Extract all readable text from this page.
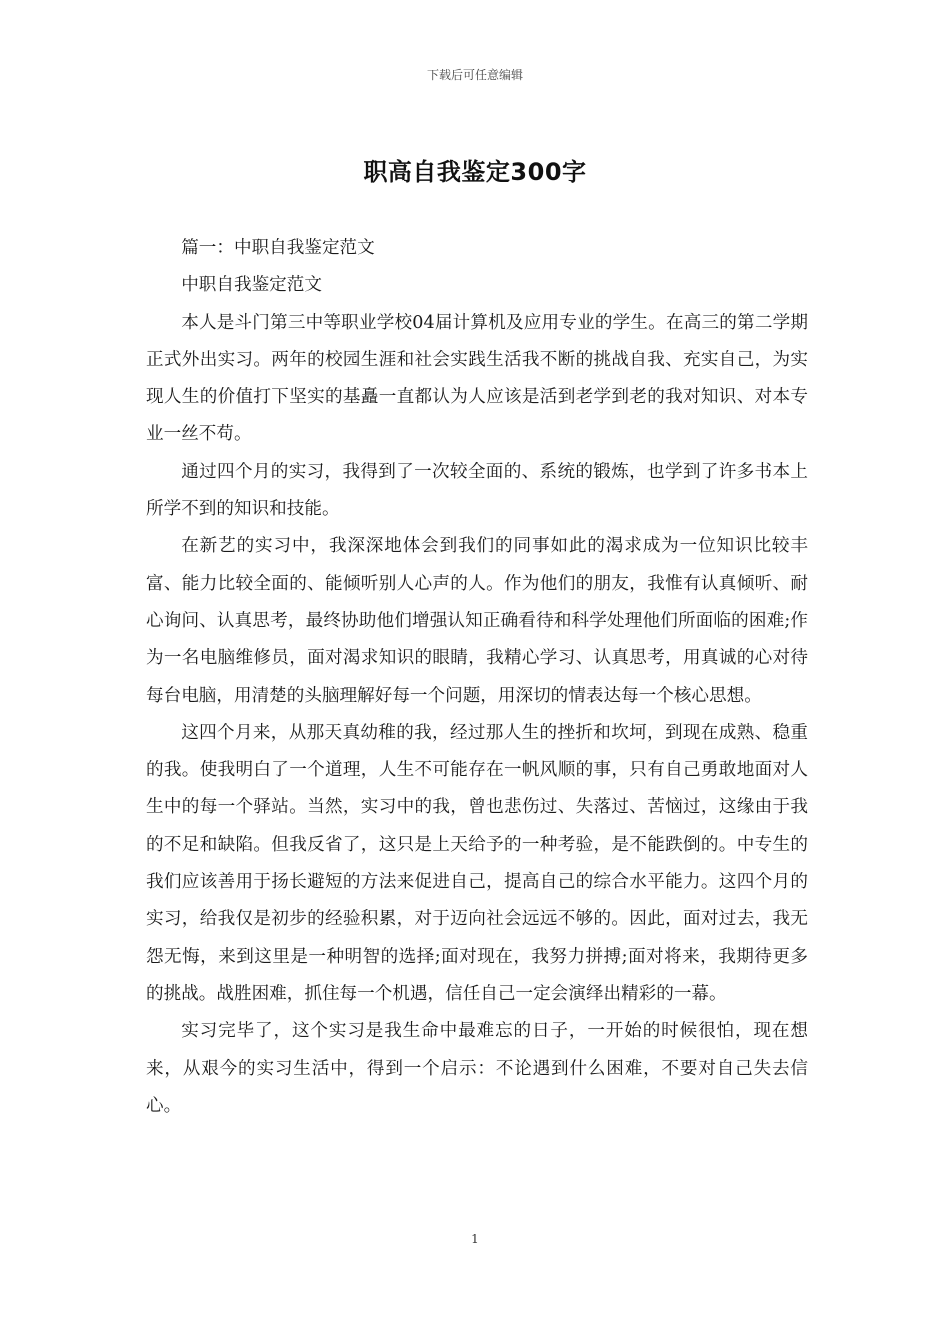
下载后可任意编辑
职高自我鉴定300字

篇一：中职自我鉴定范文

中职自我鉴定范文

本人是斗门第三中等职业学校04届计算机及应用专业的学生。在高三的第二学期正式外出实习。两年的校园生涯和社会实践生活我不断的挑战自我、充实自己，为实现人生的价值打下坚实的基矗一直都认为人应该是活到老学到老的我对知识、对本专业一丝不苟。

通过四个月的实习，我得到了一次较全面的、系统的锻炼，也学到了许多书本上所学不到的知识和技能。

在新艺的实习中，我深深地体会到我们的同事如此的渴求成为一位知识比较丰富、能力比较全面的、能倾听别人心声的人。作为他们的朋友，我惟有认真倾听、耐心询问、认真思考，最终协助他们增强认知正确看待和科学处理他们所面临的困难;作为一名电脑维修员，面对渴求知识的眼睛，我精心学习、认真思考，用真诚的心对待每台电脑，用清楚的头脑理解好每一个问题，用深切的情表达每一个核心思想。

这四个月来，从那天真幼稚的我，经过那人生的挫折和坎坷，到现在成熟、稳重的我。使我明白了一个道理，人生不可能存在一帆风顺的事，只有自己勇敢地面对人生中的每一个驿站。当然，实习中的我，曾也悲伤过、失落过、苦恼过，这缘由于我的不足和缺陷。但我反省了，这只是上天给予的一种考验，是不能跌倒的。中专生的我们应该善用于扬长避短的方法来促进自己，提高自己的综合水平能力。这四个月的实习，给我仅是初步的经验积累，对于迈向社会远远不够的。因此，面对过去，我无怨无悔，来到这里是一种明智的选择;面对现在，我努力拼搏;面对将来，我期待更多的挑战。战胜困难，抓住每一个机遇，信任自己一定会演绎出精彩的一幕。

实习完毕了，这个实习是我生命中最难忘的日子，一开始的时候很怕，现在想来，从艰今的实习生活中，得到一个启示：不论遇到什么困难，不要对自己失去信心。

1
